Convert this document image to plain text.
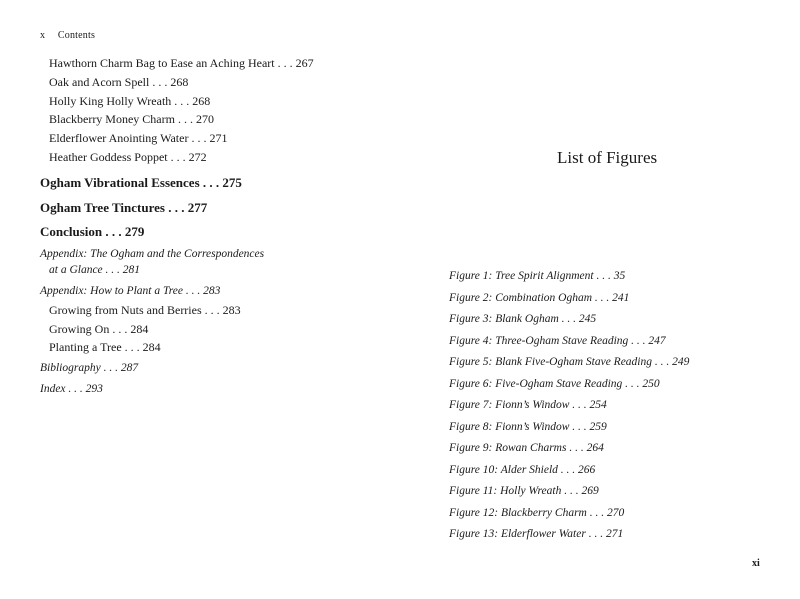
x Contents
Hawthorn Charm Bag to Ease an Aching Heart . . . 267
Oak and Acorn Spell . . . 268
Holly King Holly Wreath . . . 268
Blackberry Money Charm . . . 270
Elderflower Anointing Water . . . 271
Heather Goddess Poppet . . . 272
Ogham Vibrational Essences . . . 275
Ogham Tree Tinctures . . . 277
Conclusion . . . 279
Appendix: The Ogham and the Correspondences
at a Glance . . . 281
Appendix: How to Plant a Tree . . . 283
Growing from Nuts and Berries . . . 283
Growing On . . . 284
Planting a Tree . . . 284
Bibliography . . . 287
Index . . . 293
List of Figures
Figure 1: Tree Spirit Alignment . . . 35
Figure 2: Combination Ogham . . . 241
Figure 3: Blank Ogham . . . 245
Figure 4: Three-Ogham Stave Reading . . . 247
Figure 5: Blank Five-Ogham Stave Reading . . . 249
Figure 6: Five-Ogham Stave Reading . . . 250
Figure 7: Fionn’s Window . . . 254
Figure 8: Fionn’s Window . . . 259
Figure 9: Rowan Charms . . . 264
Figure 10: Alder Shield . . . 266
Figure 11: Holly Wreath . . . 269
Figure 12: Blackberry Charm . . . 270
Figure 13: Elderflower Water . . . 271
xi
